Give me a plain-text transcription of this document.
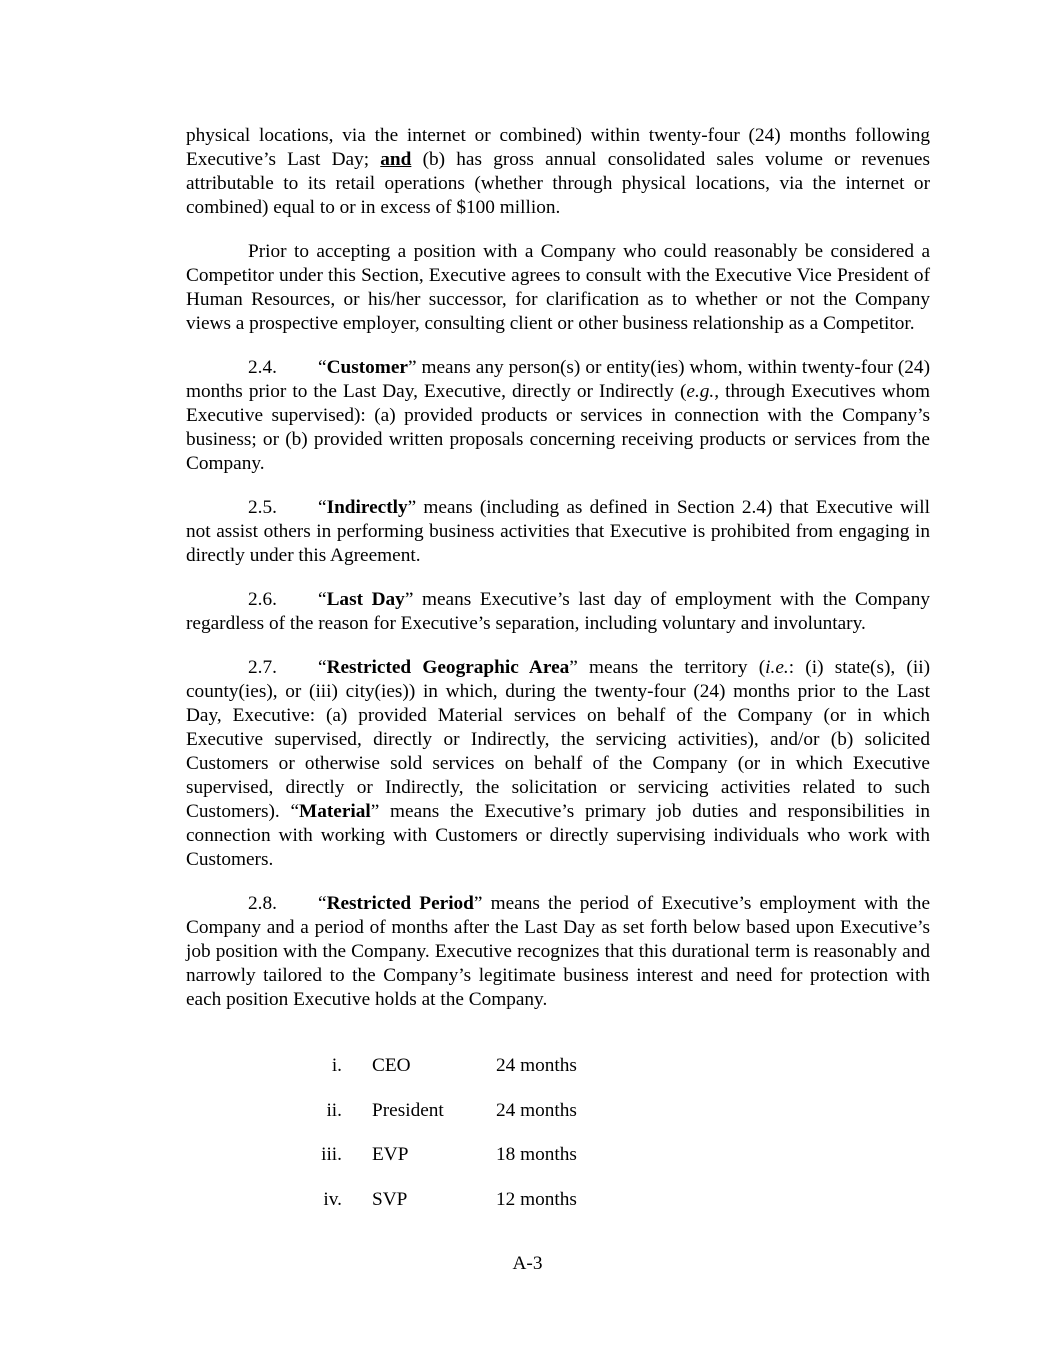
physical locations, via the internet or combined) within twenty-four (24) months following Executive’s Last Day; and (b) has gross annual consolidated sales volume or revenues attributable to its retail operations (whether through physical locations, via the internet or combined) equal to or in excess of $100 million.

Prior to accepting a position with a Company who could reasonably be considered a Competitor under this Section, Executive agrees to consult with the Executive Vice President of Human Resources, or his/her successor, for clarification as to whether or not the Company views a prospective employer, consulting client or other business relationship as a Competitor.

2.4. “Customer” means any person(s) or entity(ies) whom, within twenty-four (24) months prior to the Last Day, Executive, directly or Indirectly (e.g., through Executives whom Executive supervised): (a) provided products or services in connection with the Company’s business; or (b) provided written proposals concerning receiving products or services from the Company.

2.5. “Indirectly” means (including as defined in Section 2.4) that Executive will not assist others in performing business activities that Executive is prohibited from engaging in directly under this Agreement.

2.6. “Last Day” means Executive’s last day of employment with the Company regardless of the reason for Executive’s separation, including voluntary and involuntary.

2.7. “Restricted Geographic Area” means the territory (i.e.: (i) state(s), (ii) county(ies), or (iii) city(ies)) in which, during the twenty-four (24) months prior to the Last Day, Executive: (a) provided Material services on behalf of the Company (or in which Executive supervised, directly or Indirectly, the servicing activities), and/or (b) solicited Customers or otherwise sold services on behalf of the Company (or in which Executive supervised, directly or Indirectly, the solicitation or servicing activities related to such Customers). “Material” means the Executive’s primary job duties and responsibilities in connection with working with Customers or directly supervising individuals who work with Customers.

2.8. “Restricted Period” means the period of Executive’s employment with the Company and a period of months after the Last Day as set forth below based upon Executive’s job position with the Company. Executive recognizes that this durational term is reasonably and narrowly tailored to the Company’s legitimate business interest and need for protection with each position Executive holds at the Company.

i. CEO	24 months
ii. President	24 months
iii. EVP	18 months
iv. SVP	12 months
A-3
